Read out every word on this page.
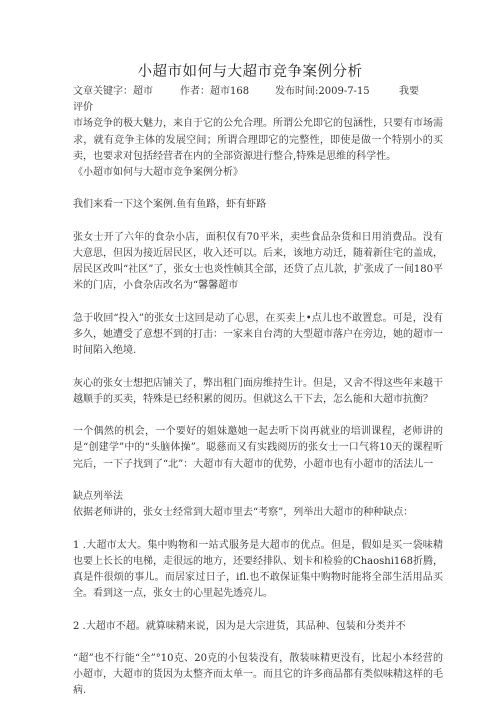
小超市如何与大超市竞争案例分析
文章关键字：超市	作者：超市168	发布时间:2009-7-15	我要

评价

市场竞争的极大魅力，来自于它的公允合理。所谓公允即它的包涵性，只要有市场需求，就有竞争主体的发展空间；所谓合理即它的完整性，即使是做一个特别小的买卖，也要求对包括经营者在内的全部资源进行整合,特殊是思维的科学性。

《小超市如何与大超市竞争案例分析》

我们来看一下这个案例.鱼有鱼路，虾有虾路

张女士开了六年的食杂小店，面积仅有70平米，卖些食品杂货和日用消费品。没有大意思，但因为接近居民区，收入还可以。后来，该地方动迁，随着新住宅的盖成，居民区改叫“社区”了，张女士也炎性帧其全部，还贷了点儿款，扩张成了一间180平米的门店，小食杂店改名为“馨馨超市

急于收回“投入”的张女士这回是动了心思，在买卖上•点儿也不敢置怠。可是，没有多久，她遭受了意想不到的打击：一家来自台湾的大型超市落户在旁边，她的超市一时间陷入绝境.

灰心的张女士想把店铺关了，弊出租门面房维持生计。但是，又舍不得这些年来越干越顺手的买卖，特殊是已经积累的阅历。但就这么干下去，怎么能和大超市抗衡？

一个偶然的机会，一个要好的姐妹邀她一起去听下岗再就业的培训课程，老师讲的是“创建学”中的“头脑体操”。聪慈而又有实践阅历的张女士一口气将10天的课程听完后，一下子找到了“北”：大超市有大超市的优势，小超市也有小超市的活法儿一

缺点列举法

依据老师讲的，张女士经常到大超市里去“考察”，列举出大超市的种种缺点：

1 .大超市太大。集中购物和一站式服务是大超市的优点。但是，假如是买一袋味精也要上长长的电梯，走很远的地方，还要经排队、划卡和检验的Chaoshi168折腾，真是件很烦的事儿。而居家过日子，ifl.也不敢保证集中购物时能将全部生活用品买全。看到这一点，张女士的心里起先透亮儿。

2 .大超市不超。就算味精来说，因为是大宗进货，其品种、包装和分类并不

“超”也不行能“全”°10克、20克的小包装没有，散装味精更没有，比起小本经营的小超市，大超市的货因为太整齐而太单一。而且它的许多商品都有类似味精这样的毛病.
